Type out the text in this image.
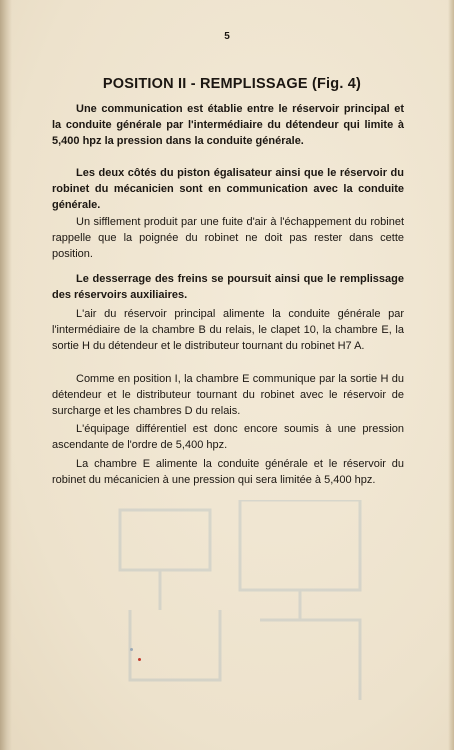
5
POSITION II - REMPLISSAGE (Fig. 4)

Une communication est établie entre le réservoir principal et la conduite générale par l'intermédiaire du détendeur qui limite à 5,400 hpz la pression dans la conduite générale.

Les deux côtés du piston égalisateur ainsi que le réservoir du robinet du mécanicien sont en communication avec la conduite générale.

Un sifflement produit par une fuite d'air à l'échappement du robinet rappelle que la poignée du robinet ne doit pas rester dans cette position.

Le desserrage des freins se poursuit ainsi que le remplissage des réservoirs auxiliaires.

L'air du réservoir principal alimente la conduite générale par l'intermédiaire de la chambre B du relais, le clapet 10, la chambre E, la sortie H du détendeur et le distributeur tournant du robinet H7 A.

Comme en position I, la chambre E communique par la sortie H du détendeur et le distributeur tournant du robinet avec le réservoir de surcharge et les chambres D du relais.

L'équipage différentiel est donc encore soumis à une pression ascendante de l'ordre de 5,400 hpz.

La chambre E alimente la conduite générale et le réservoir du robinet du mécanicien à une pression qui sera limitée à 5,400 hpz.
